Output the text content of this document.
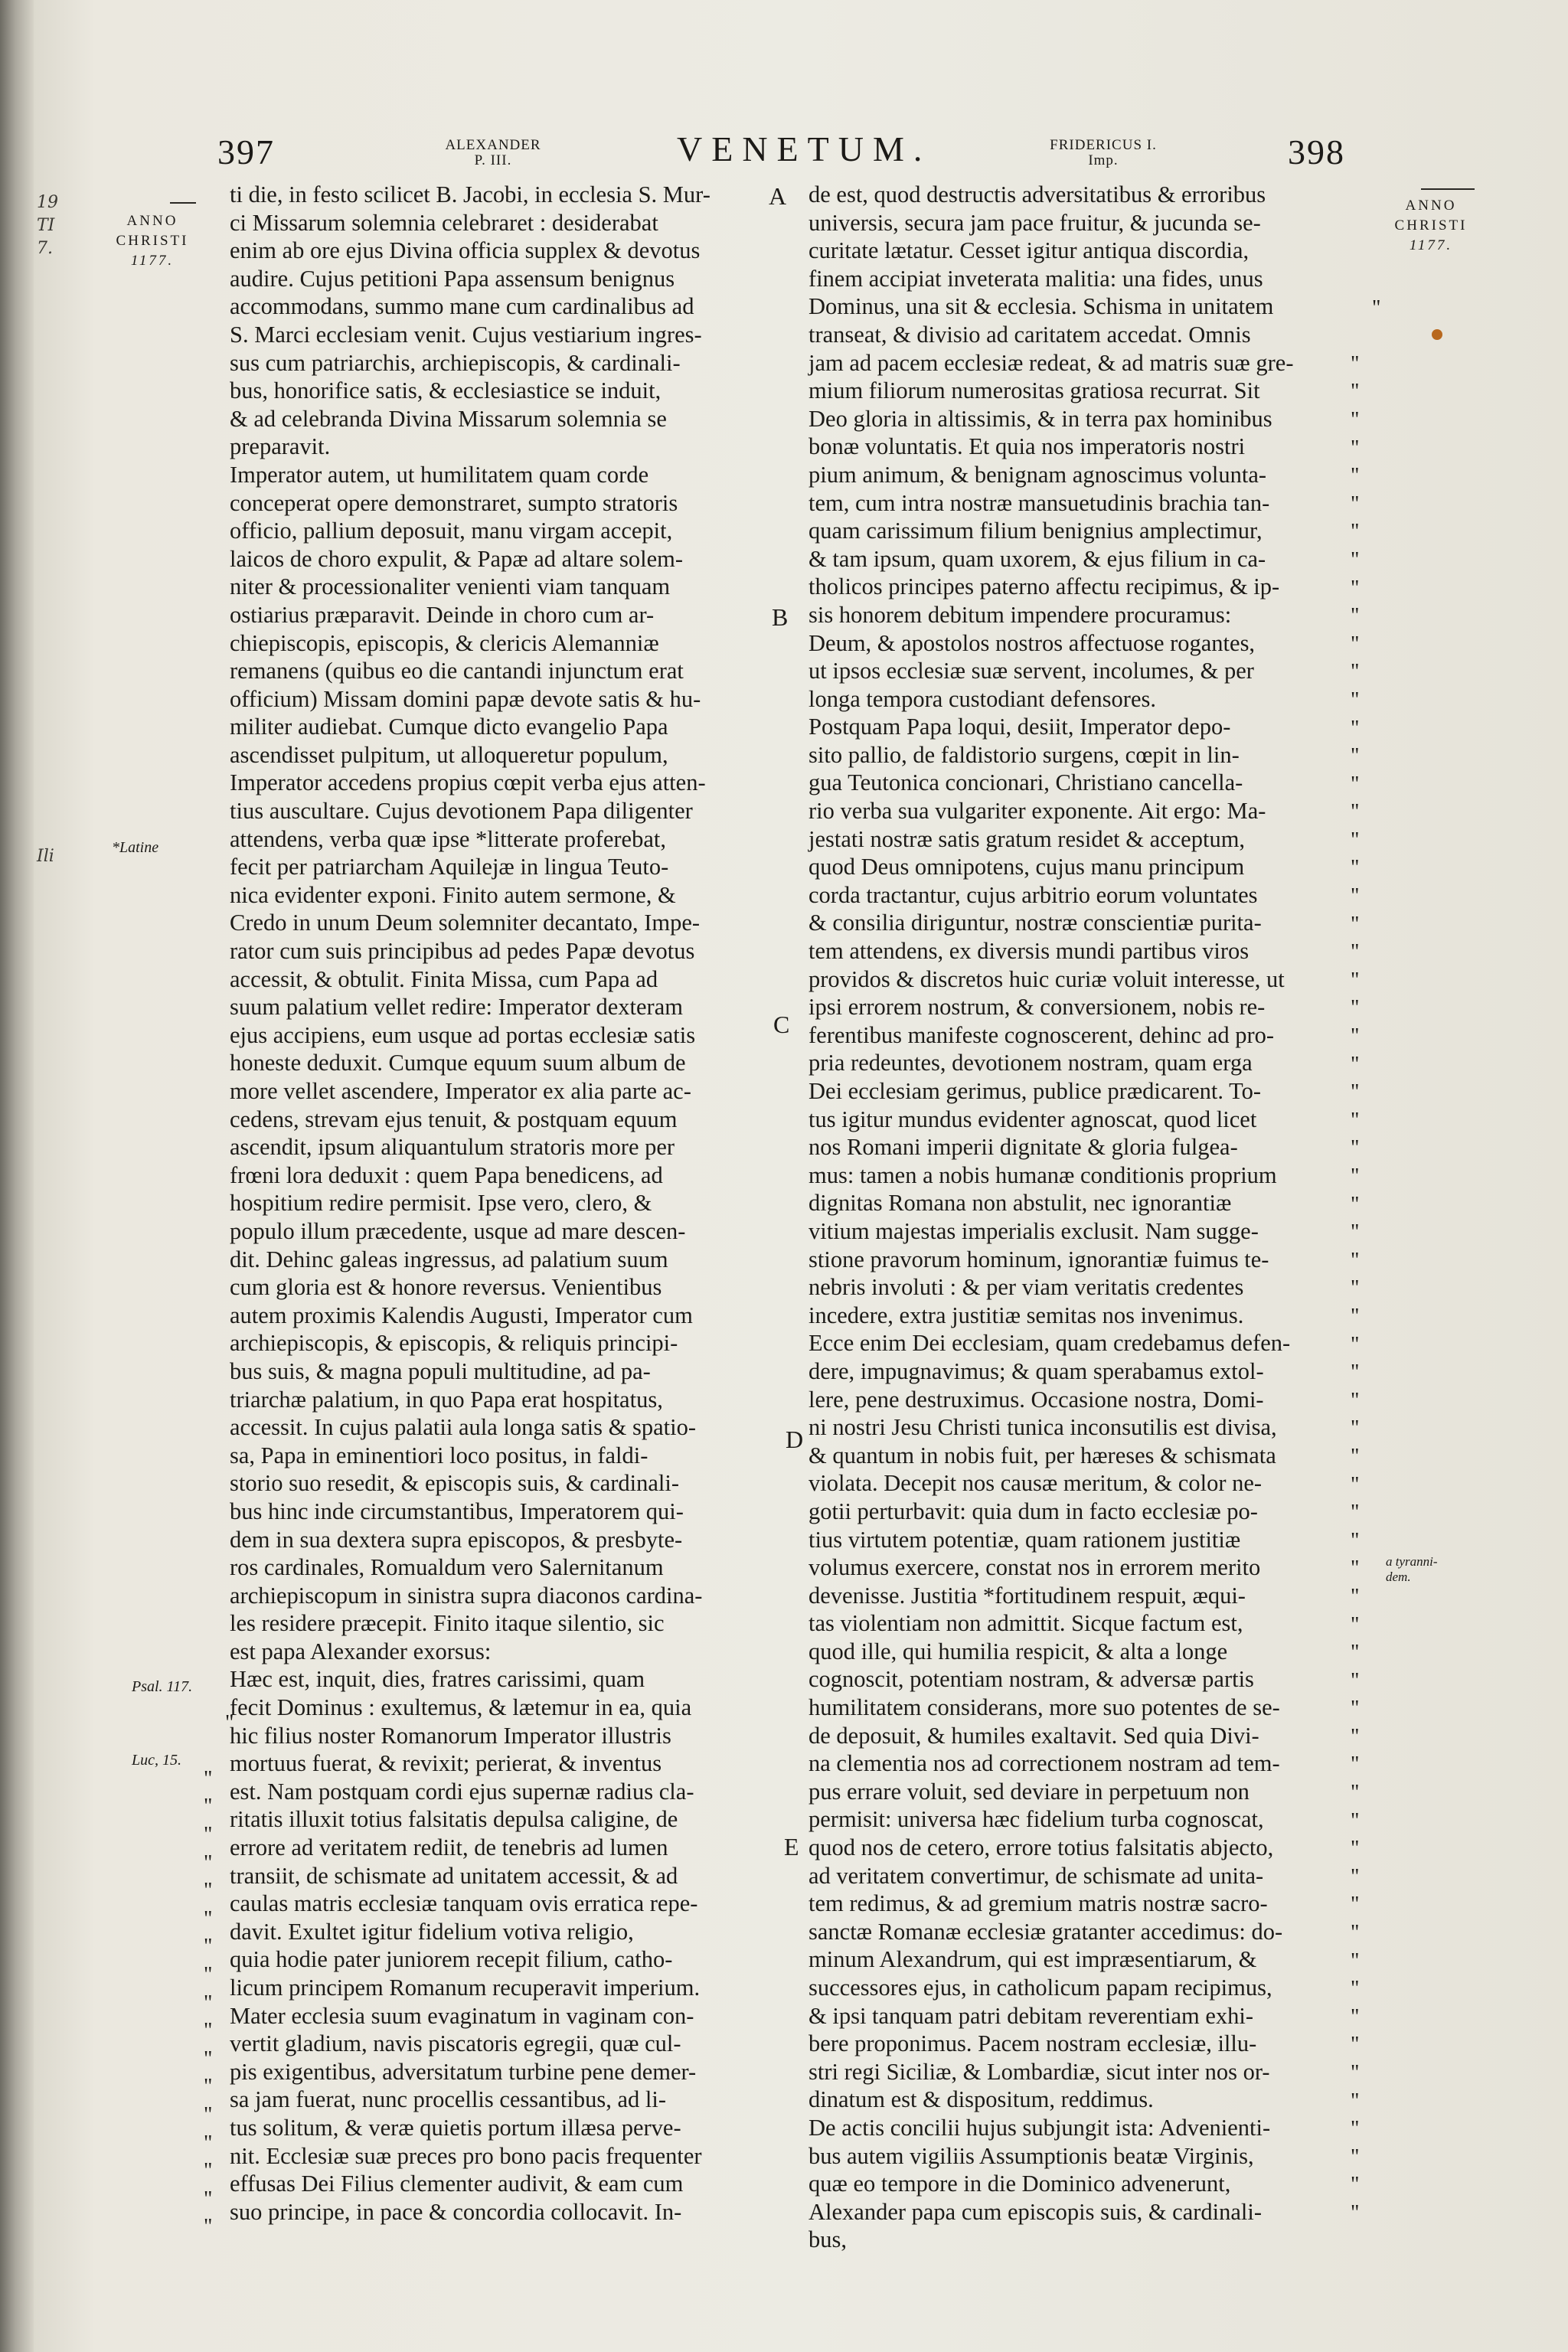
19
TI
7.
Ili
397	ALEXANDER
P. III.	VENETUM.	FRIDERICUS I.
Imp.	398
ANNO
CHRISTI
1177.
*Latine
Psal. 117.
Luc, 15.
ANNO
CHRISTI
1177.
a tyranni-
dem.
A
B
C
D
E

"

"
"
"
"
"
"
"
"
"
"
"
"
"
"
"
"
"

"

"
"
"
"
"
"
"
"
"
"
"
"
"
"
"
"
"
"
"
"
"
"
"
"
"
"
"
"
"
"
"
"
"
"
"
"
"
"
"
"
"
"
"
"
"
"
"
"
"
"
"
"
"
"
"
"
"
"
"
"
"
"
"
"
"
"
"

ti die, in festo scilicet B. Jacobi, in ecclesia S. Mur-

ci Missarum solemnia celebraret : desiderabat

enim ab ore ejus Divina officia supplex & devotus

audire. Cujus petitioni Papa assensum benignus

accommodans, summo mane cum cardinalibus ad

S. Marci ecclesiam venit. Cujus vestiarium ingres-

sus cum patriarchis, archiepiscopis, & cardinali-

bus, honorifice satis, & ecclesiastice se induit,

& ad celebranda Divina Missarum solemnia se

preparavit.

Imperator autem, ut humilitatem quam corde

conceperat opere demonstraret, sumpto stratoris

officio, pallium deposuit, manu virgam accepit,

laicos de choro expulit, & Papæ ad altare solem-

niter & processionaliter venienti viam tanquam

ostiarius præparavit. Deinde in choro cum ar-

chiepiscopis, episcopis, & clericis Alemanniæ

remanens (quibus eo die cantandi injunctum erat

officium) Missam domini papæ devote satis & hu-

militer audiebat. Cumque dicto evangelio Papa

ascendisset pulpitum, ut alloqueretur populum,

Imperator accedens propius cœpit verba ejus atten-

tius auscultare. Cujus devotionem Papa diligenter

attendens, verba quæ ipse *litterate proferebat,

fecit per patriarcham Aquilejæ in lingua Teuto-

nica evidenter exponi. Finito autem sermone, &

Credo in unum Deum solemniter decantato, Impe-

rator cum suis principibus ad pedes Papæ devotus

accessit, & obtulit. Finita Missa, cum Papa ad

suum palatium vellet redire: Imperator dexteram

ejus accipiens, eum usque ad portas ecclesiæ satis

honeste deduxit. Cumque equum suum album de

more vellet ascendere, Imperator ex alia parte ac-

cedens, strevam ejus tenuit, & postquam equum

ascendit, ipsum aliquantulum stratoris more per

frœni lora deduxit : quem Papa benedicens, ad

hospitium redire permisit. Ipse vero, clero, &

populo illum præcedente, usque ad mare descen-

dit. Dehinc galeas ingressus, ad palatium suum

cum gloria est & honore reversus. Venientibus

autem proximis Kalendis Augusti, Imperator cum

archiepiscopis, & episcopis, & reliquis principi-

bus suis, & magna populi multitudine, ad pa-

triarchæ palatium, in quo Papa erat hospitatus,

accessit. In cujus palatii aula longa satis & spatio-

sa, Papa in eminentiori loco positus, in faldi-

storio suo resedit, & episcopis suis, & cardinali-

bus hinc inde circumstantibus, Imperatorem qui-

dem in sua dextera supra episcopos, & presbyte-

ros cardinales, Romualdum vero Salernitanum

archiepiscopum in sinistra supra diaconos cardina-

les residere præcepit. Finito itaque silentio, sic

est papa Alexander exorsus:

Hæc est, inquit, dies, fratres carissimi, quam

fecit Dominus : exultemus, & lætemur in ea, quia

hic filius noster Romanorum Imperator illustris

mortuus fuerat, & revixit; perierat, & inventus

est. Nam postquam cordi ejus supernæ radius cla-

ritatis illuxit totius falsitatis depulsa caligine, de

errore ad veritatem rediit, de tenebris ad lumen

transiit, de schismate ad unitatem accessit, & ad

caulas matris ecclesiæ tanquam ovis erratica repe-

davit. Exultet igitur fidelium votiva religio,

quia hodie pater juniorem recepit filium, catho-

licum principem Romanum recuperavit imperium.

Mater ecclesia suum evaginatum in vaginam con-

vertit gladium, navis piscatoris egregii, quæ cul-

pis exigentibus, adversitatum turbine pene demer-

sa jam fuerat, nunc procellis cessantibus, ad li-

tus solitum, & veræ quietis portum illæsa perve-

nit. Ecclesiæ suæ preces pro bono pacis frequenter

effusas Dei Filius clementer audivit, & eam cum

suo principe, in pace & concordia collocavit. In-

de est, quod destructis adversitatibus & erroribus

universis, secura jam pace fruitur, & jucunda se-

curitate lætatur. Cesset igitur antiqua discordia,

finem accipiat inveterata malitia: una fides, unus

Dominus, una sit & ecclesia. Schisma in unitatem

transeat, & divisio ad caritatem accedat. Omnis

jam ad pacem ecclesiæ redeat, & ad matris suæ gre-

mium filiorum numerositas gratiosa recurrat. Sit

Deo gloria in altissimis, & in terra pax hominibus

bonæ voluntatis. Et quia nos imperatoris nostri

pium animum, & benignam agnoscimus volunta-

tem, cum intra nostræ mansuetudinis brachia tan-

quam carissimum filium benignius amplectimur,

& tam ipsum, quam uxorem, & ejus filium in ca-

tholicos principes paterno affectu recipimus, & ip-

sis honorem debitum impendere procuramus:

Deum, & apostolos nostros affectuose rogantes,

ut ipsos ecclesiæ suæ servent, incolumes, & per

longa tempora custodiant defensores.

Postquam Papa loqui, desiit, Imperator depo-

sito pallio, de faldistorio surgens, cœpit in lin-

gua Teutonica concionari, Christiano cancella-

rio verba sua vulgariter exponente. Ait ergo: Ma-

jestati nostræ satis gratum residet & acceptum,

quod Deus omnipotens, cujus manu principum

corda tractantur, cujus arbitrio eorum voluntates

& consilia diriguntur, nostræ conscientiæ purita-

tem attendens, ex diversis mundi partibus viros

providos & discretos huic curiæ voluit interesse, ut

ipsi errorem nostrum, & conversionem, nobis re-

ferentibus manifeste cognoscerent, dehinc ad pro-

pria redeuntes, devotionem nostram, quam erga

Dei ecclesiam gerimus, publice prædicarent. To-

tus igitur mundus evidenter agnoscat, quod licet

nos Romani imperii dignitate & gloria fulgea-

mus: tamen a nobis humanæ conditionis proprium

dignitas Romana non abstulit, nec ignorantiæ

vitium majestas imperialis exclusit. Nam sugge-

stione pravorum hominum, ignorantiæ fuimus te-

nebris involuti : & per viam veritatis credentes

incedere, extra justitiæ semitas nos invenimus.

Ecce enim Dei ecclesiam, quam credebamus defen-

dere, impugnavimus; & quam sperabamus extol-

lere, pene destruximus. Occasione nostra, Domi-

ni nostri Jesu Christi tunica inconsutilis est divisa,

& quantum in nobis fuit, per hæreses & schismata

violata. Decepit nos causæ meritum, & color ne-

gotii perturbavit: quia dum in facto ecclesiæ po-

tius virtutem potentiæ, quam rationem justitiæ

volumus exercere, constat nos in errorem merito

devenisse. Justitia *fortitudinem respuit, æqui-

tas violentiam non admittit. Sicque factum est,

quod ille, qui humilia respicit, & alta a longe

cognoscit, potentiam nostram, & adversæ partis

humilitatem considerans, more suo potentes de se-

de deposuit, & humiles exaltavit. Sed quia Divi-

na clementia nos ad correctionem nostram ad tem-

pus errare voluit, sed deviare in perpetuum non

permisit: universa hæc fidelium turba cognoscat,

quod nos de cetero, errore totius falsitatis abjecto,

ad veritatem convertimur, de schismate ad unita-

tem redimus, & ad gremium matris nostræ sacro-

sanctæ Romanæ ecclesiæ gratanter accedimus: do-

minum Alexandrum, qui est impræsentiarum, &

successores ejus, in catholicum papam recipimus,

& ipsi tanquam patri debitam reverentiam exhi-

bere proponimus. Pacem nostram ecclesiæ, illu-

stri regi Siciliæ, & Lombardiæ, sicut inter nos or-

dinatum est & dispositum, reddimus.

De actis concilii hujus subjungit ista: Advenienti-

bus autem vigiliis Assumptionis beatæ Virginis,

quæ eo tempore in die Dominico advenerunt,

Alexander papa cum episcopis suis, & cardinali-

bus,
